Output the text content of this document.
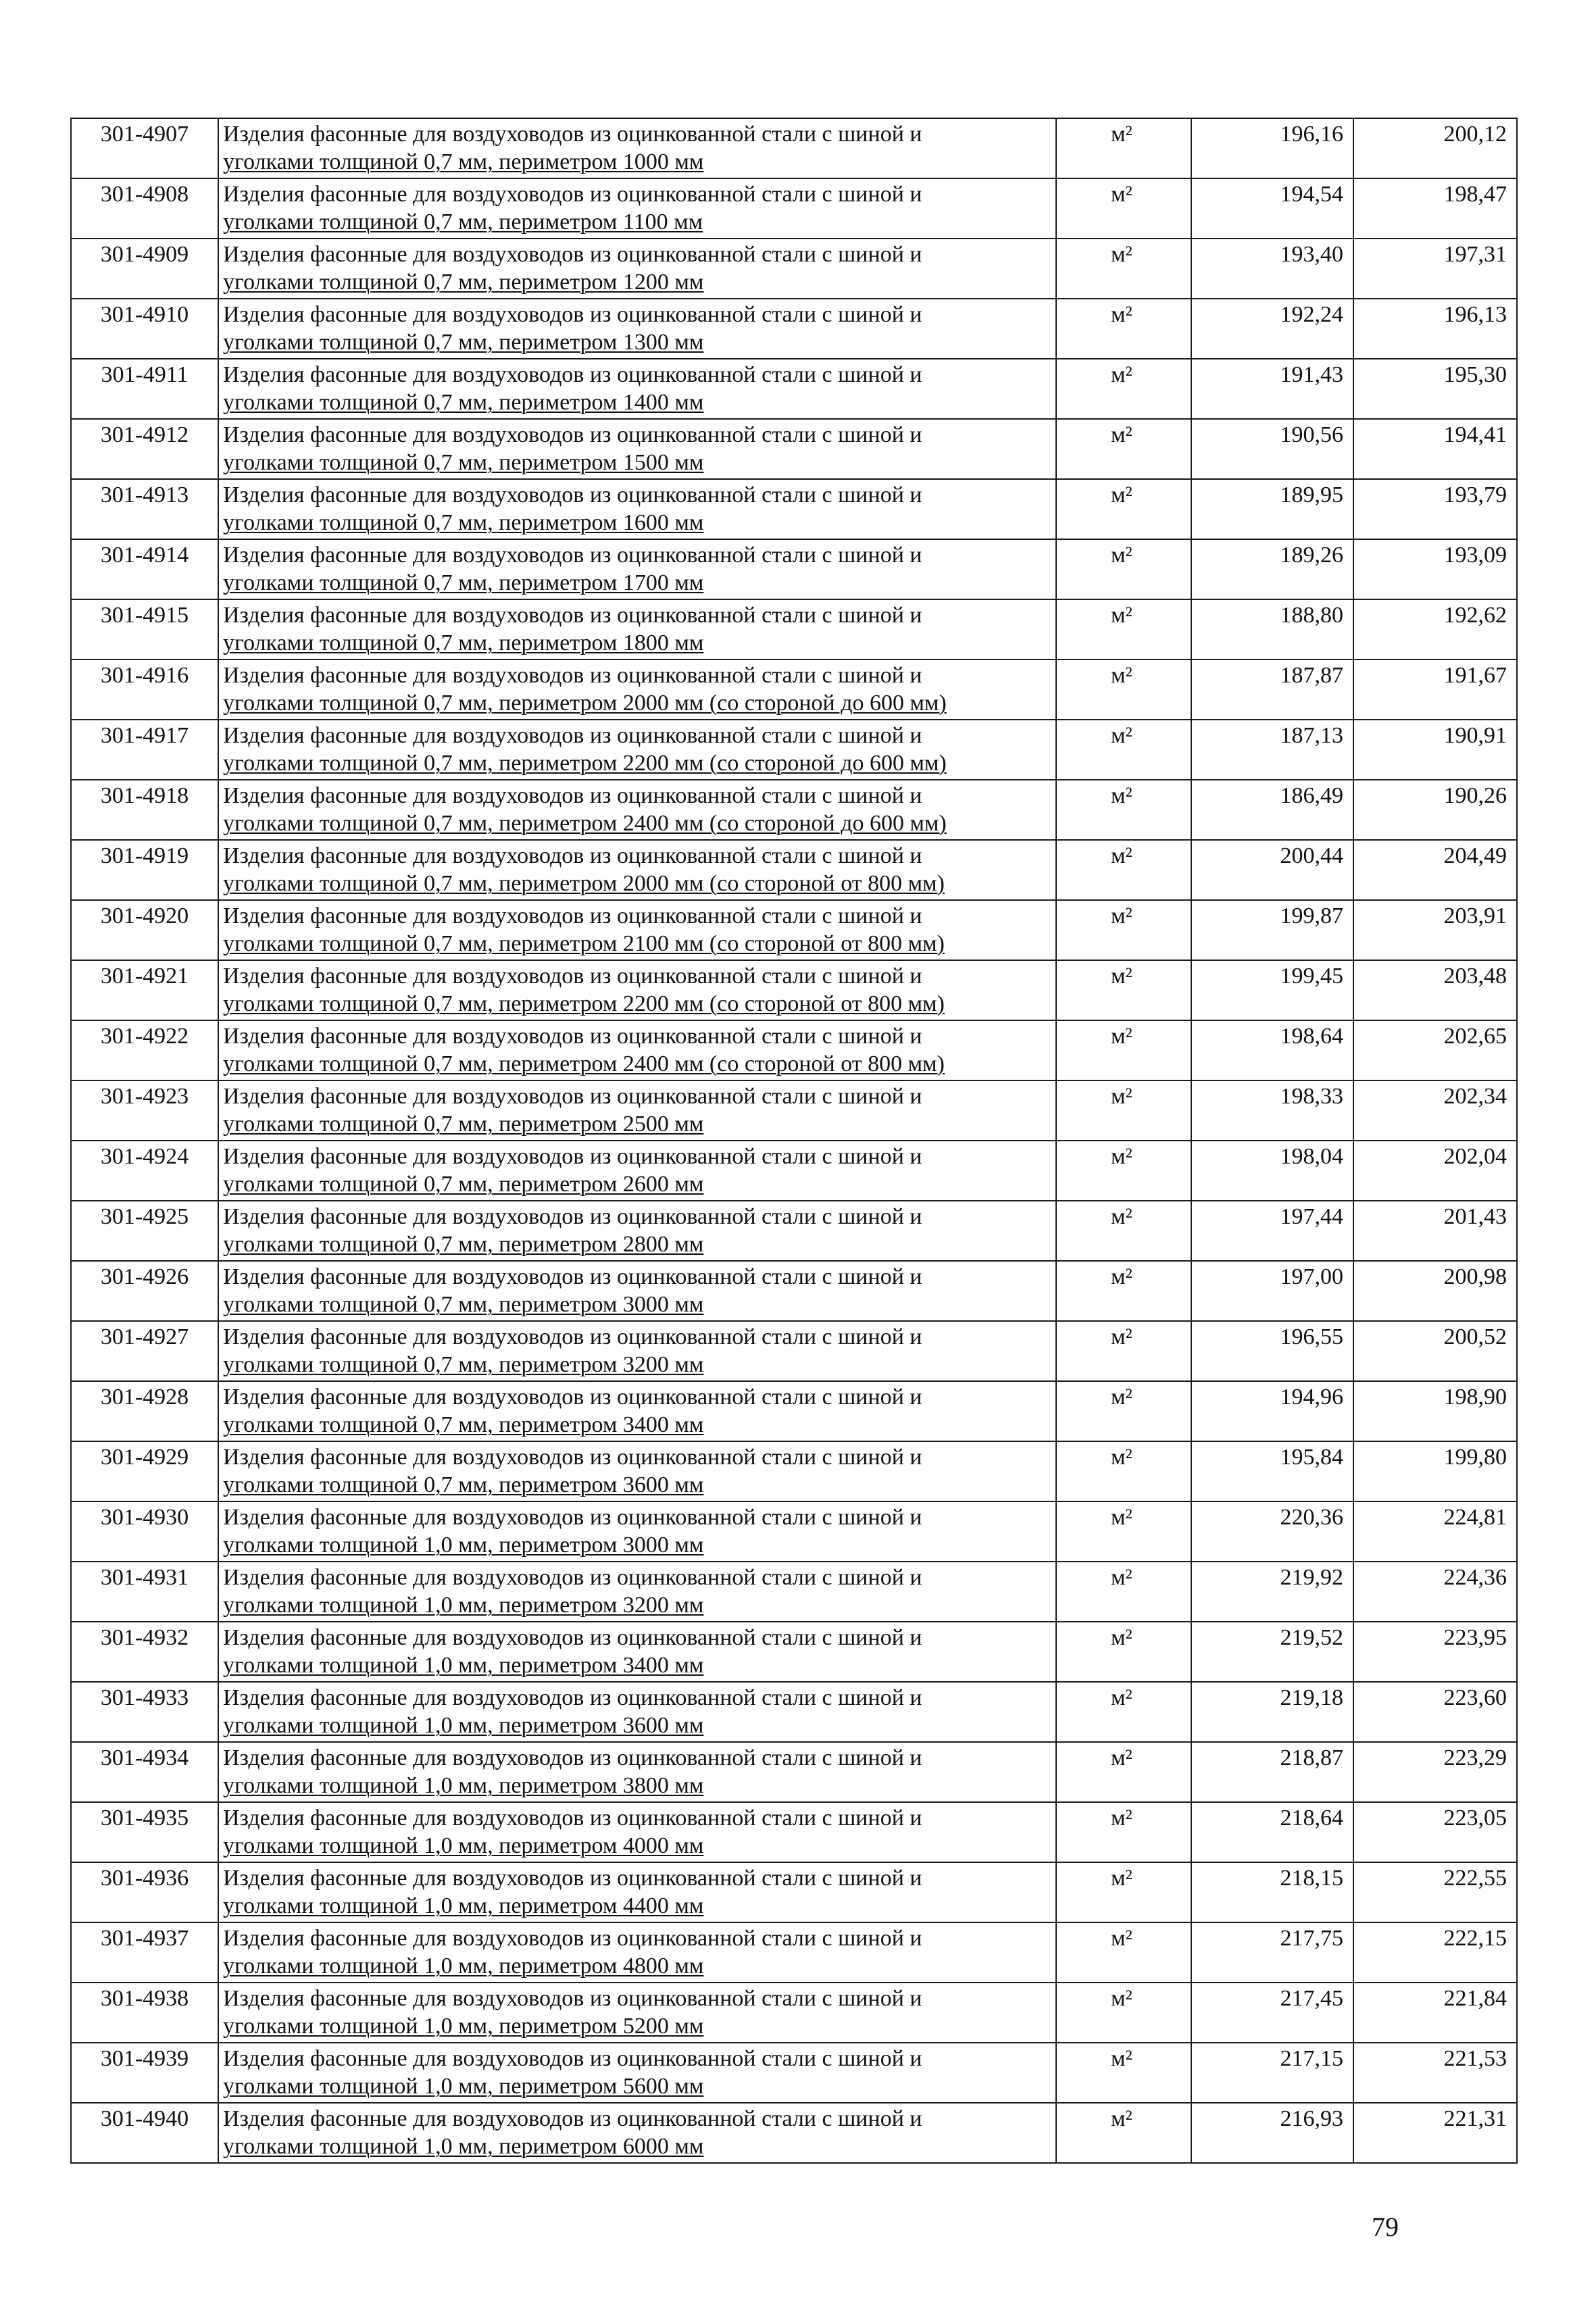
301-4907	Изделия фасонные для воздуховодов из оцинкованной стали с шиной и
уголками толщиной 0,7 мм, периметром 1000 мм	м²	196,16	200,12
301-4908	Изделия фасонные для воздуховодов из оцинкованной стали с шиной и
уголками толщиной 0,7 мм, периметром 1100 мм	м²	194,54	198,47
301-4909	Изделия фасонные для воздуховодов из оцинкованной стали с шиной и
уголками толщиной 0,7 мм, периметром 1200 мм	м²	193,40	197,31
301-4910	Изделия фасонные для воздуховодов из оцинкованной стали с шиной и
уголками толщиной 0,7 мм, периметром 1300 мм	м²	192,24	196,13
301-4911	Изделия фасонные для воздуховодов из оцинкованной стали с шиной и
уголками толщиной 0,7 мм, периметром 1400 мм	м²	191,43	195,30
301-4912	Изделия фасонные для воздуховодов из оцинкованной стали с шиной и
уголками толщиной 0,7 мм, периметром 1500 мм	м²	190,56	194,41
301-4913	Изделия фасонные для воздуховодов из оцинкованной стали с шиной и
уголками толщиной 0,7 мм, периметром 1600 мм	м²	189,95	193,79
301-4914	Изделия фасонные для воздуховодов из оцинкованной стали с шиной и
уголками толщиной 0,7 мм, периметром 1700 мм	м²	189,26	193,09
301-4915	Изделия фасонные для воздуховодов из оцинкованной стали с шиной и
уголками толщиной 0,7 мм, периметром 1800 мм	м²	188,80	192,62
301-4916	Изделия фасонные для воздуховодов из оцинкованной стали с шиной и
уголками толщиной 0,7 мм, периметром 2000 мм (со стороной до 600 мм)	м²	187,87	191,67
301-4917	Изделия фасонные для воздуховодов из оцинкованной стали с шиной и
уголками толщиной 0,7 мм, периметром 2200 мм (со стороной до 600 мм)	м²	187,13	190,91
301-4918	Изделия фасонные для воздуховодов из оцинкованной стали с шиной и
уголками толщиной 0,7 мм, периметром 2400 мм (со стороной до 600 мм)	м²	186,49	190,26
301-4919	Изделия фасонные для воздуховодов из оцинкованной стали с шиной и
уголками толщиной 0,7 мм, периметром 2000 мм (со стороной от 800 мм)	м²	200,44	204,49
301-4920	Изделия фасонные для воздуховодов из оцинкованной стали с шиной и
уголками толщиной 0,7 мм, периметром 2100 мм (со стороной от 800 мм)	м²	199,87	203,91
301-4921	Изделия фасонные для воздуховодов из оцинкованной стали с шиной и
уголками толщиной 0,7 мм, периметром 2200 мм (со стороной от 800 мм)	м²	199,45	203,48
301-4922	Изделия фасонные для воздуховодов из оцинкованной стали с шиной и
уголками толщиной 0,7 мм, периметром 2400 мм (со стороной от 800 мм)	м²	198,64	202,65
301-4923	Изделия фасонные для воздуховодов из оцинкованной стали с шиной и
уголками толщиной 0,7 мм, периметром 2500 мм	м²	198,33	202,34
301-4924	Изделия фасонные для воздуховодов из оцинкованной стали с шиной и
уголками толщиной 0,7 мм, периметром 2600 мм	м²	198,04	202,04
301-4925	Изделия фасонные для воздуховодов из оцинкованной стали с шиной и
уголками толщиной 0,7 мм, периметром 2800 мм	м²	197,44	201,43
301-4926	Изделия фасонные для воздуховодов из оцинкованной стали с шиной и
уголками толщиной 0,7 мм, периметром 3000 мм	м²	197,00	200,98
301-4927	Изделия фасонные для воздуховодов из оцинкованной стали с шиной и
уголками толщиной 0,7 мм, периметром 3200 мм	м²	196,55	200,52
301-4928	Изделия фасонные для воздуховодов из оцинкованной стали с шиной и
уголками толщиной 0,7 мм, периметром 3400 мм	м²	194,96	198,90
301-4929	Изделия фасонные для воздуховодов из оцинкованной стали с шиной и
уголками толщиной 0,7 мм, периметром 3600 мм	м²	195,84	199,80
301-4930	Изделия фасонные для воздуховодов из оцинкованной стали с шиной и
уголками толщиной 1,0 мм, периметром 3000 мм	м²	220,36	224,81
301-4931	Изделия фасонные для воздуховодов из оцинкованной стали с шиной и
уголками толщиной 1,0 мм, периметром 3200 мм	м²	219,92	224,36
301-4932	Изделия фасонные для воздуховодов из оцинкованной стали с шиной и
уголками толщиной 1,0 мм, периметром 3400 мм	м²	219,52	223,95
301-4933	Изделия фасонные для воздуховодов из оцинкованной стали с шиной и
уголками толщиной 1,0 мм, периметром 3600 мм	м²	219,18	223,60
301-4934	Изделия фасонные для воздуховодов из оцинкованной стали с шиной и
уголками толщиной 1,0 мм, периметром 3800 мм	м²	218,87	223,29
301-4935	Изделия фасонные для воздуховодов из оцинкованной стали с шиной и
уголками толщиной 1,0 мм, периметром 4000 мм	м²	218,64	223,05
301-4936	Изделия фасонные для воздуховодов из оцинкованной стали с шиной и
уголками толщиной 1,0 мм, периметром 4400 мм	м²	218,15	222,55
301-4937	Изделия фасонные для воздуховодов из оцинкованной стали с шиной и
уголками толщиной 1,0 мм, периметром 4800 мм	м²	217,75	222,15
301-4938	Изделия фасонные для воздуховодов из оцинкованной стали с шиной и
уголками толщиной 1,0 мм, периметром 5200 мм	м²	217,45	221,84
301-4939	Изделия фасонные для воздуховодов из оцинкованной стали с шиной и
уголками толщиной 1,0 мм, периметром 5600 мм	м²	217,15	221,53
301-4940	Изделия фасонные для воздуховодов из оцинкованной стали с шиной и
уголками толщиной 1,0 мм, периметром 6000 мм	м²	216,93	221,31
79
